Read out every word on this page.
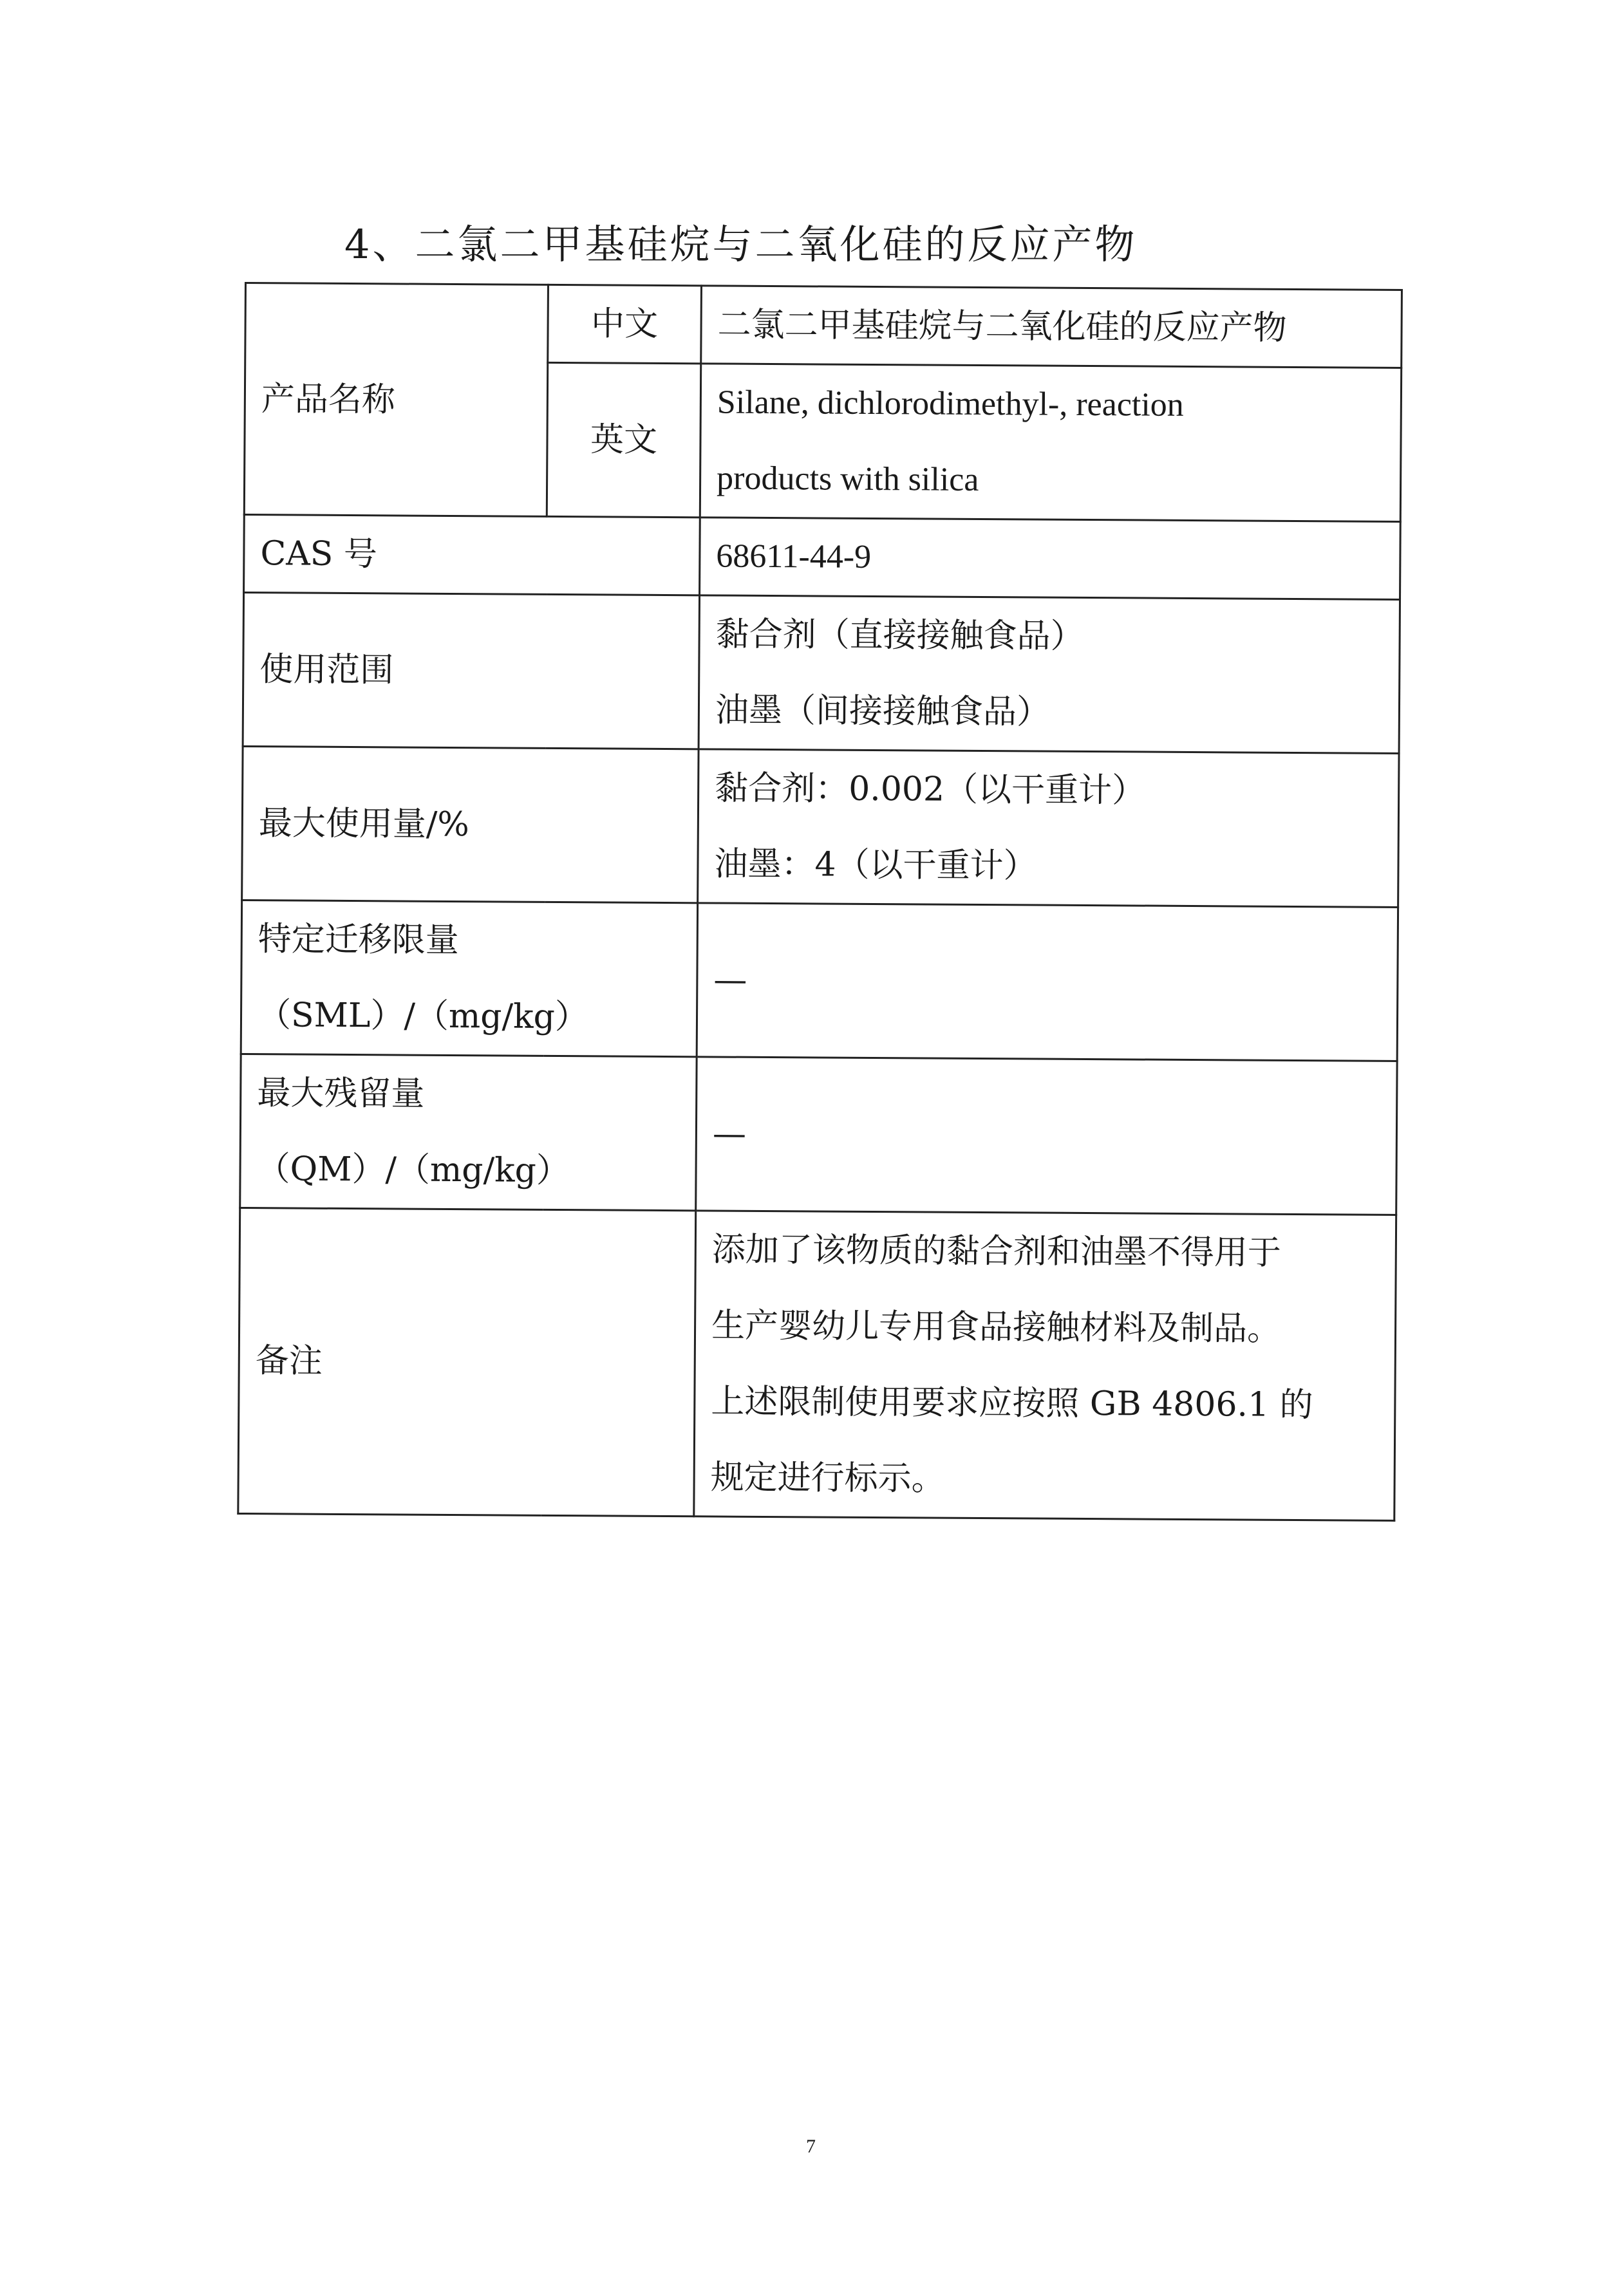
4、二氯二甲基硅烷与二氧化硅的反应产物
产品名称	中文	二氯二甲基硅烷与二氧化硅的反应产物
	英文	Silane, dichlorodimethyl-, reaction
products with silica

CAS 号		68611-44-9
使用范围		黏合剂（直接接触食品）
油墨（间接接触食品）

最大使用量/%		黏合剂：0.002（以干重计）
油墨：4（以干重计）

特定迁移限量
（SML）/（mg/kg）		—

最大残留量
（QM）/（mg/kg）		—
备注		添加了该物质的黏合剂和油墨不得用于
生产婴幼儿专用食品接触材料及制品。
上述限制使用要求应按照 GB 4806.1 的
规定进行标示。
7
